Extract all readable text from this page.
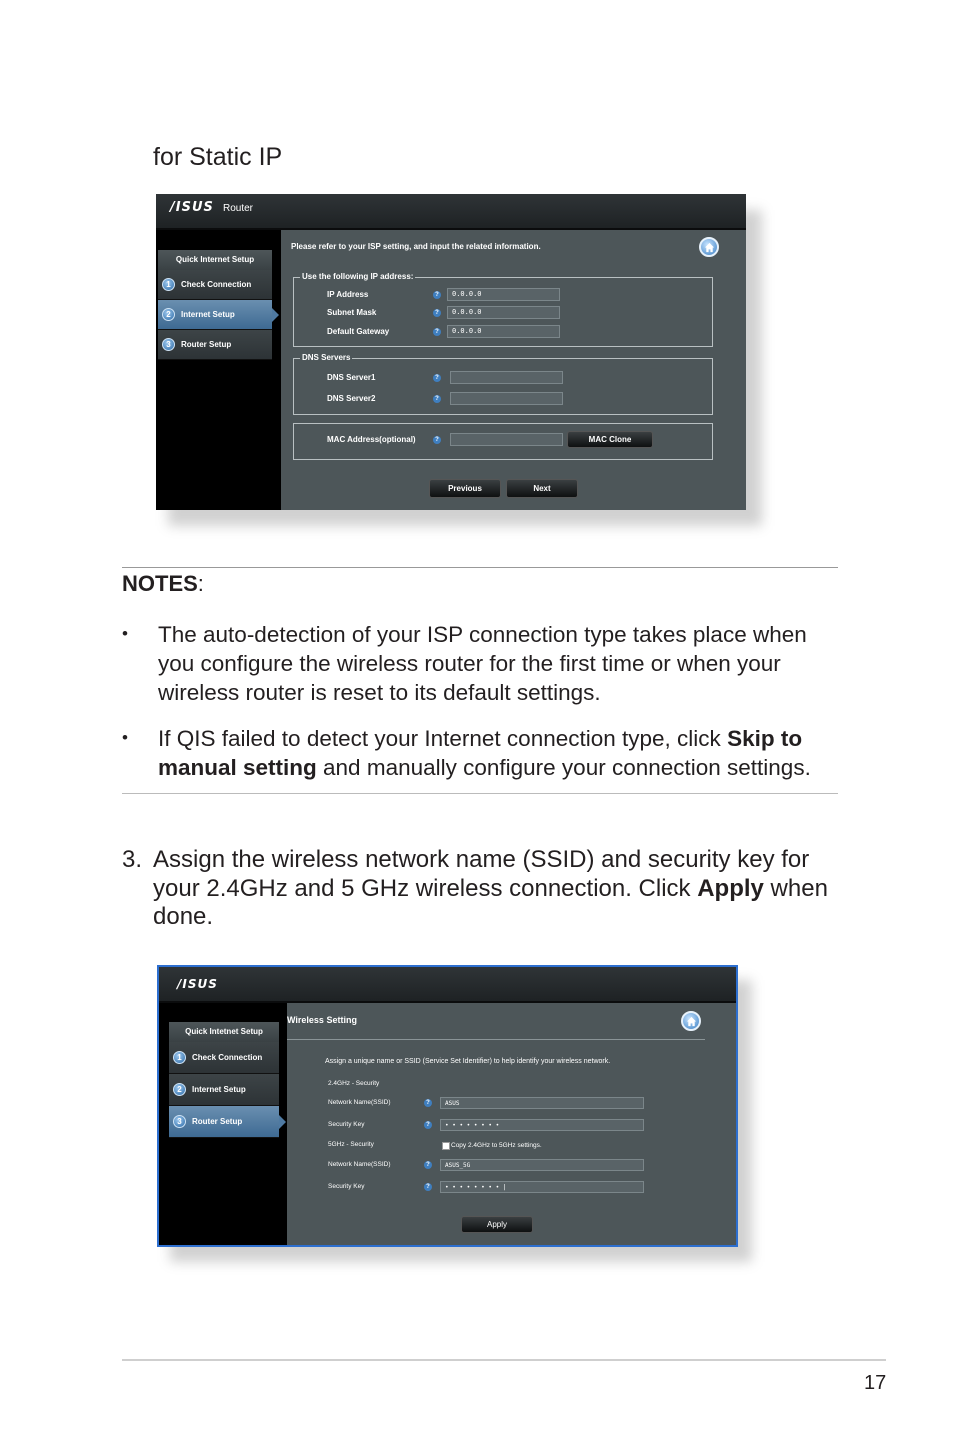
for Static IP
/ISUS Router
Quick Internet Setup
1	Check Connection
2	Internet Setup
3	Router Setup
Please refer to your ISP setting, and input the related information.
Use the following IP address:
IP Address	?	0.0.0.0
Subnet Mask	?	0.0.0.0
Default Gateway	?	0.0.0.0
DNS Servers
DNS Server1	?
DNS Server2	?
MAC Address(optional)	?	MAC Clone
Previous	Next
NOTES:
• The auto-detection of your ISP connection type takes place when you configure the wireless router for the first time or when your wireless router is reset to its default settings.
• If QIS failed to detect your Internet connection type, click Skip to manual setting and manually configure your connection settings.
3. Assign the wireless network name (SSID) and security key for your 2.4GHz and 5 GHz wireless connection. Click Apply when done.
/ISUS
Quick Intetnet Setup
1	Check Connection
2	Internet Setup
3	Router Setup
Wireless Setting
Assign a unique name or SSID (Service Set Identifier) to help identify your wireless network.
2.4GHz - Security
Network Name(SSID)	?	ASUS
Security Key	?	• • • • • • • •
5GHz - Security	Copy 2.4GHz to 5GHz settings.
Network Name(SSID)	?	ASUS_5G
Security Key	?	• • • • • • • • |
Apply
17
